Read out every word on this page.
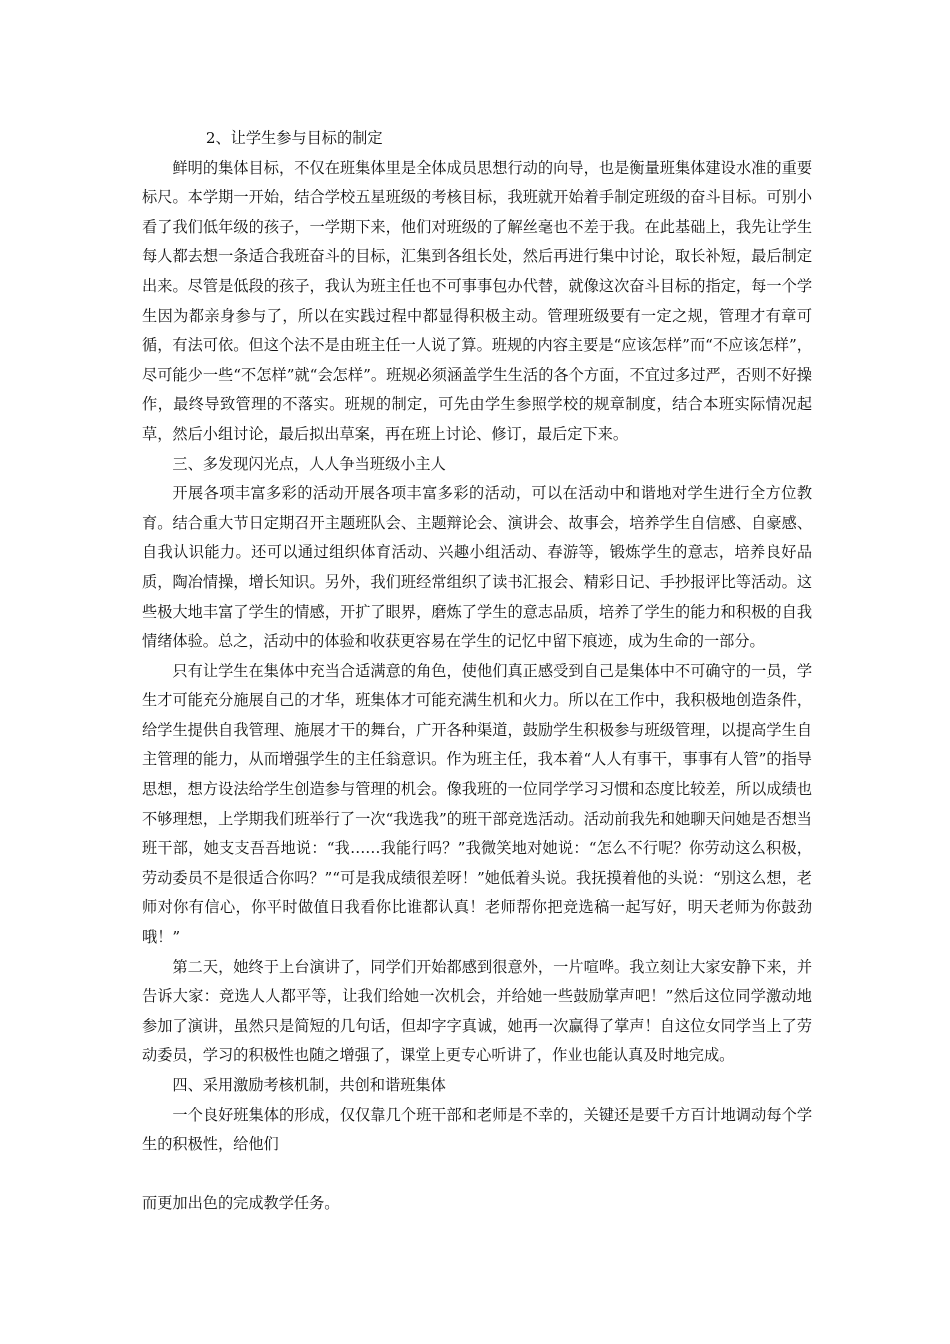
2、让学生参与目标的制定

鲜明的集体目标，不仅在班集体里是全体成员思想行动的向导，也是衡量班集体建设水准的重要标尺。本学期一开始，结合学校五星班级的考核目标，我班就开始着手制定班级的奋斗目标。可别小看了我们低年级的孩子，一学期下来，他们对班级的了解丝毫也不差于我。在此基础上，我先让学生每人都去想一条适合我班奋斗的目标，汇集到各组长处，然后再进行集中讨论，取长补短，最后制定出来。尽管是低段的孩子，我认为班主任也不可事事包办代替，就像这次奋斗目标的指定，每一个学生因为都亲身参与了，所以在实践过程中都显得积极主动。管理班级要有一定之规，管理才有章可循，有法可依。但这个法不是由班主任一人说了算。班规的内容主要是“应该怎样”而“不应该怎样”，尽可能少一些“不怎样”就“会怎样”。班规必须涵盖学生生活的各个方面，不宜过多过严，否则不好操作，最终导致管理的不落实。班规的制定，可先由学生参照学校的规章制度，结合本班实际情况起草，然后小组讨论，最后拟出草案，再在班上讨论、修订，最后定下来。

三、多发现闪光点，人人争当班级小主人

开展各项丰富多彩的活动开展各项丰富多彩的活动，可以在活动中和谐地对学生进行全方位教育。结合重大节日定期召开主题班队会、主题辩论会、演讲会、故事会，培养学生自信感、自豪感、自我认识能力。还可以通过组织体育活动、兴趣小组活动、春游等，锻炼学生的意志，培养良好品质，陶冶情操，增长知识。另外，我们班经常组织了读书汇报会、精彩日记、手抄报评比等活动。这些极大地丰富了学生的情感，开扩了眼界，磨炼了学生的意志品质，培养了学生的能力和积极的自我情绪体验。总之，活动中的体验和收获更容易在学生的记忆中留下痕迹，成为生命的一部分。

只有让学生在集体中充当合适满意的角色，使他们真正感受到自己是集体中不可确守的一员，学生才可能充分施展自己的才华，班集体才可能充满生机和火力。所以在工作中，我积极地创造条件，给学生提供自我管理、施展才干的舞台，广开各种渠道，鼓励学生积极参与班级管理，以提高学生自主管理的能力，从而增强学生的主任翁意识。作为班主任，我本着“人人有事干，事事有人管”的指导思想，想方设法给学生创造参与管理的机会。像我班的一位同学学习习惯和态度比较差，所以成绩也不够理想，上学期我们班举行了一次“我选我”的班干部竞选活动。活动前我先和她聊天问她是否想当班干部，她支支吾吾地说：“我……我能行吗？”我微笑地对她说：“怎么不行呢？你劳动这么积极，劳动委员不是很适合你吗？”“可是我成绩很差呀！”她低着头说。我抚摸着他的头说：“别这么想，老师对你有信心，你平时做值日我看你比谁都认真！老师帮你把竞选稿一起写好，明天老师为你鼓劲哦！”

第二天，她终于上台演讲了，同学们开始都感到很意外，一片喧哗。我立刻让大家安静下来，并告诉大家：竞选人人都平等，让我们给她一次机会，并给她一些鼓励掌声吧！”然后这位同学激动地参加了演讲，虽然只是简短的几句话，但却字字真诚，她再一次赢得了掌声！自这位女同学当上了劳动委员，学习的积极性也随之增强了，课堂上更专心听讲了，作业也能认真及时地完成。

四、采用激励考核机制，共创和谐班集体

一个良好班集体的形成，仅仅靠几个班干部和老师是不幸的，关键还是要千方百计地调动每个学生的积极性，给他们

而更加出色的完成教学任务。
